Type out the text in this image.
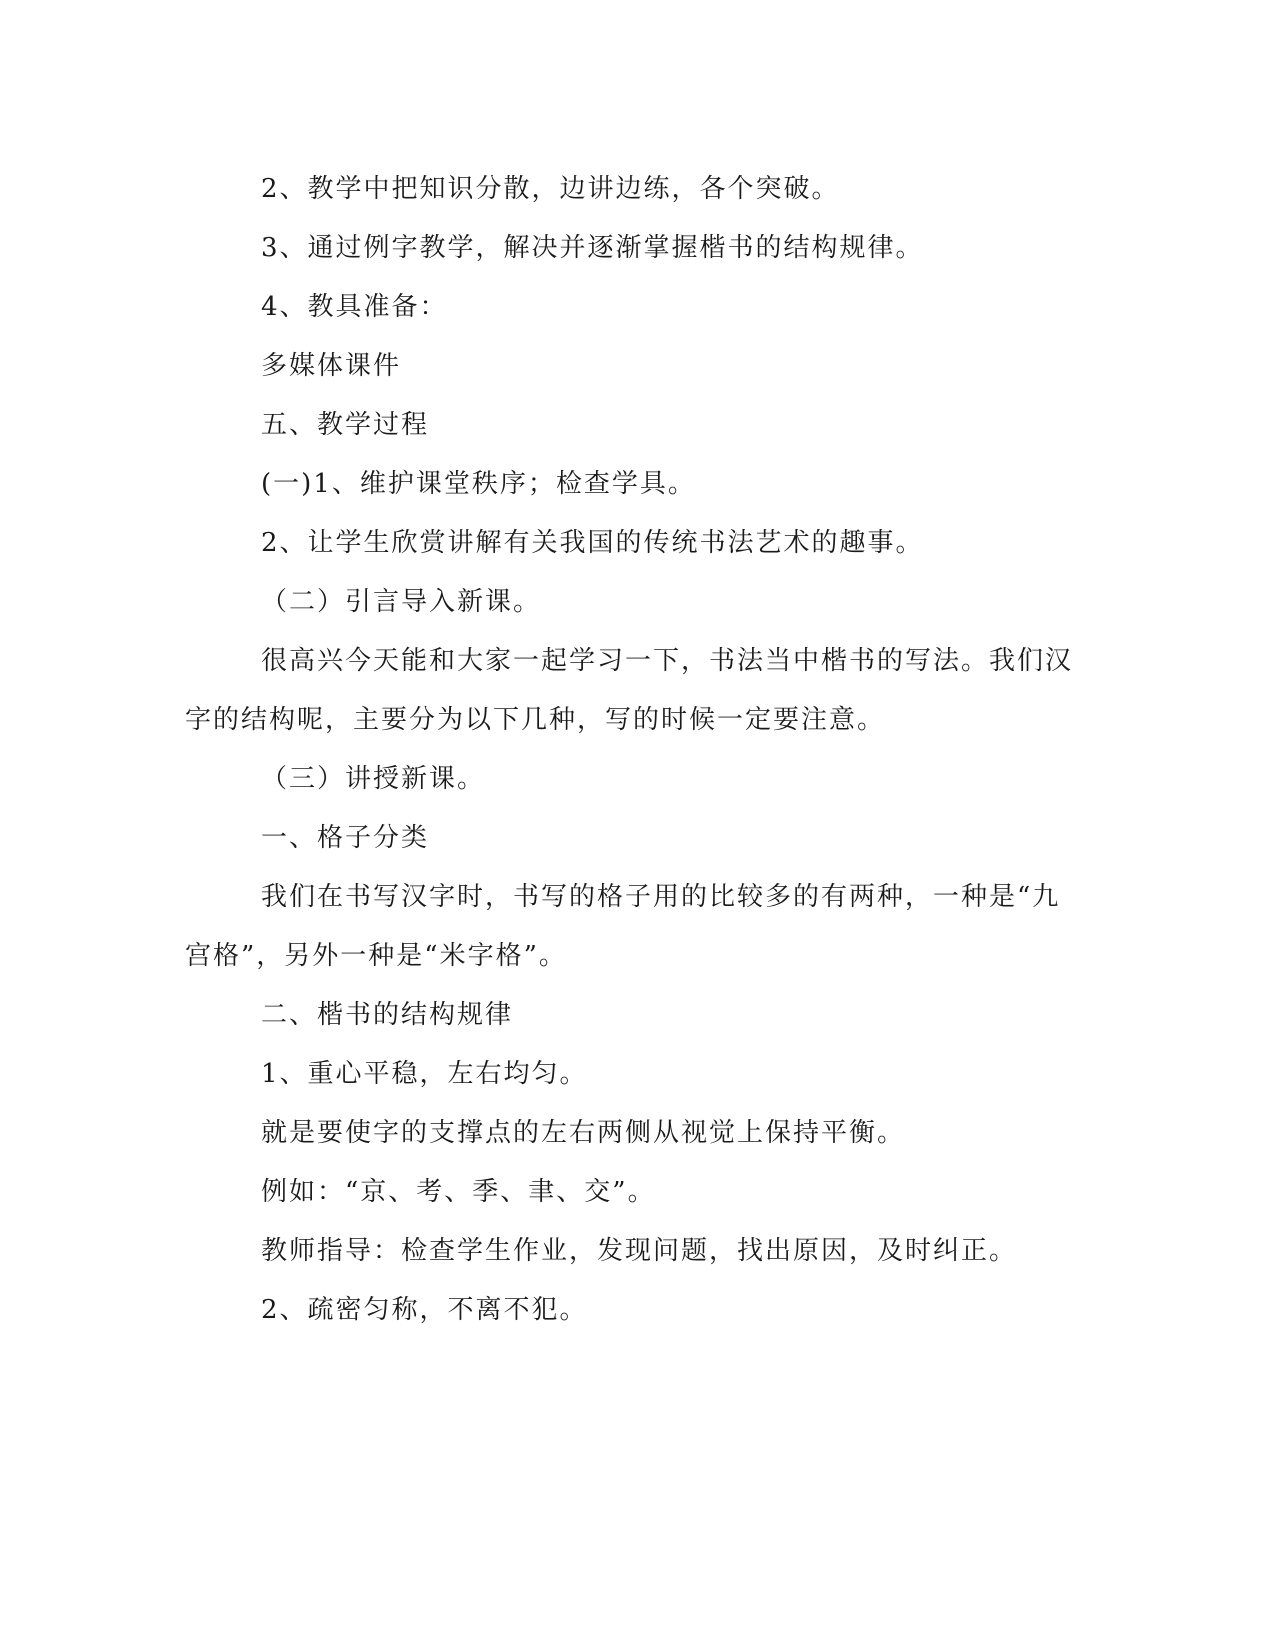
2、教学中把知识分散，边讲边练，各个突破。

3、通过例字教学，解决并逐渐掌握楷书的结构规律。

4、教具准备：

多媒体课件

五、教学过程

(一)1、维护课堂秩序；检查学具。

2、让学生欣赏讲解有关我国的传统书法艺术的趣事。

（二）引言导入新课。

很高兴今天能和大家一起学习一下，书法当中楷书的写法。我们汉字的结构呢，主要分为以下几种，写的时候一定要注意。

（三）讲授新课。

一、格子分类

我们在书写汉字时，书写的格子用的比较多的有两种，一种是“九宫格”，另外一种是“米字格”。

二、楷书的结构规律

1、重心平稳，左右均匀。

就是要使字的支撑点的左右两侧从视觉上保持平衡。

例如：“京、考、季、聿、交”。

教师指导：检查学生作业，发现问题，找出原因，及时纠正。

2、疏密匀称，不离不犯。
